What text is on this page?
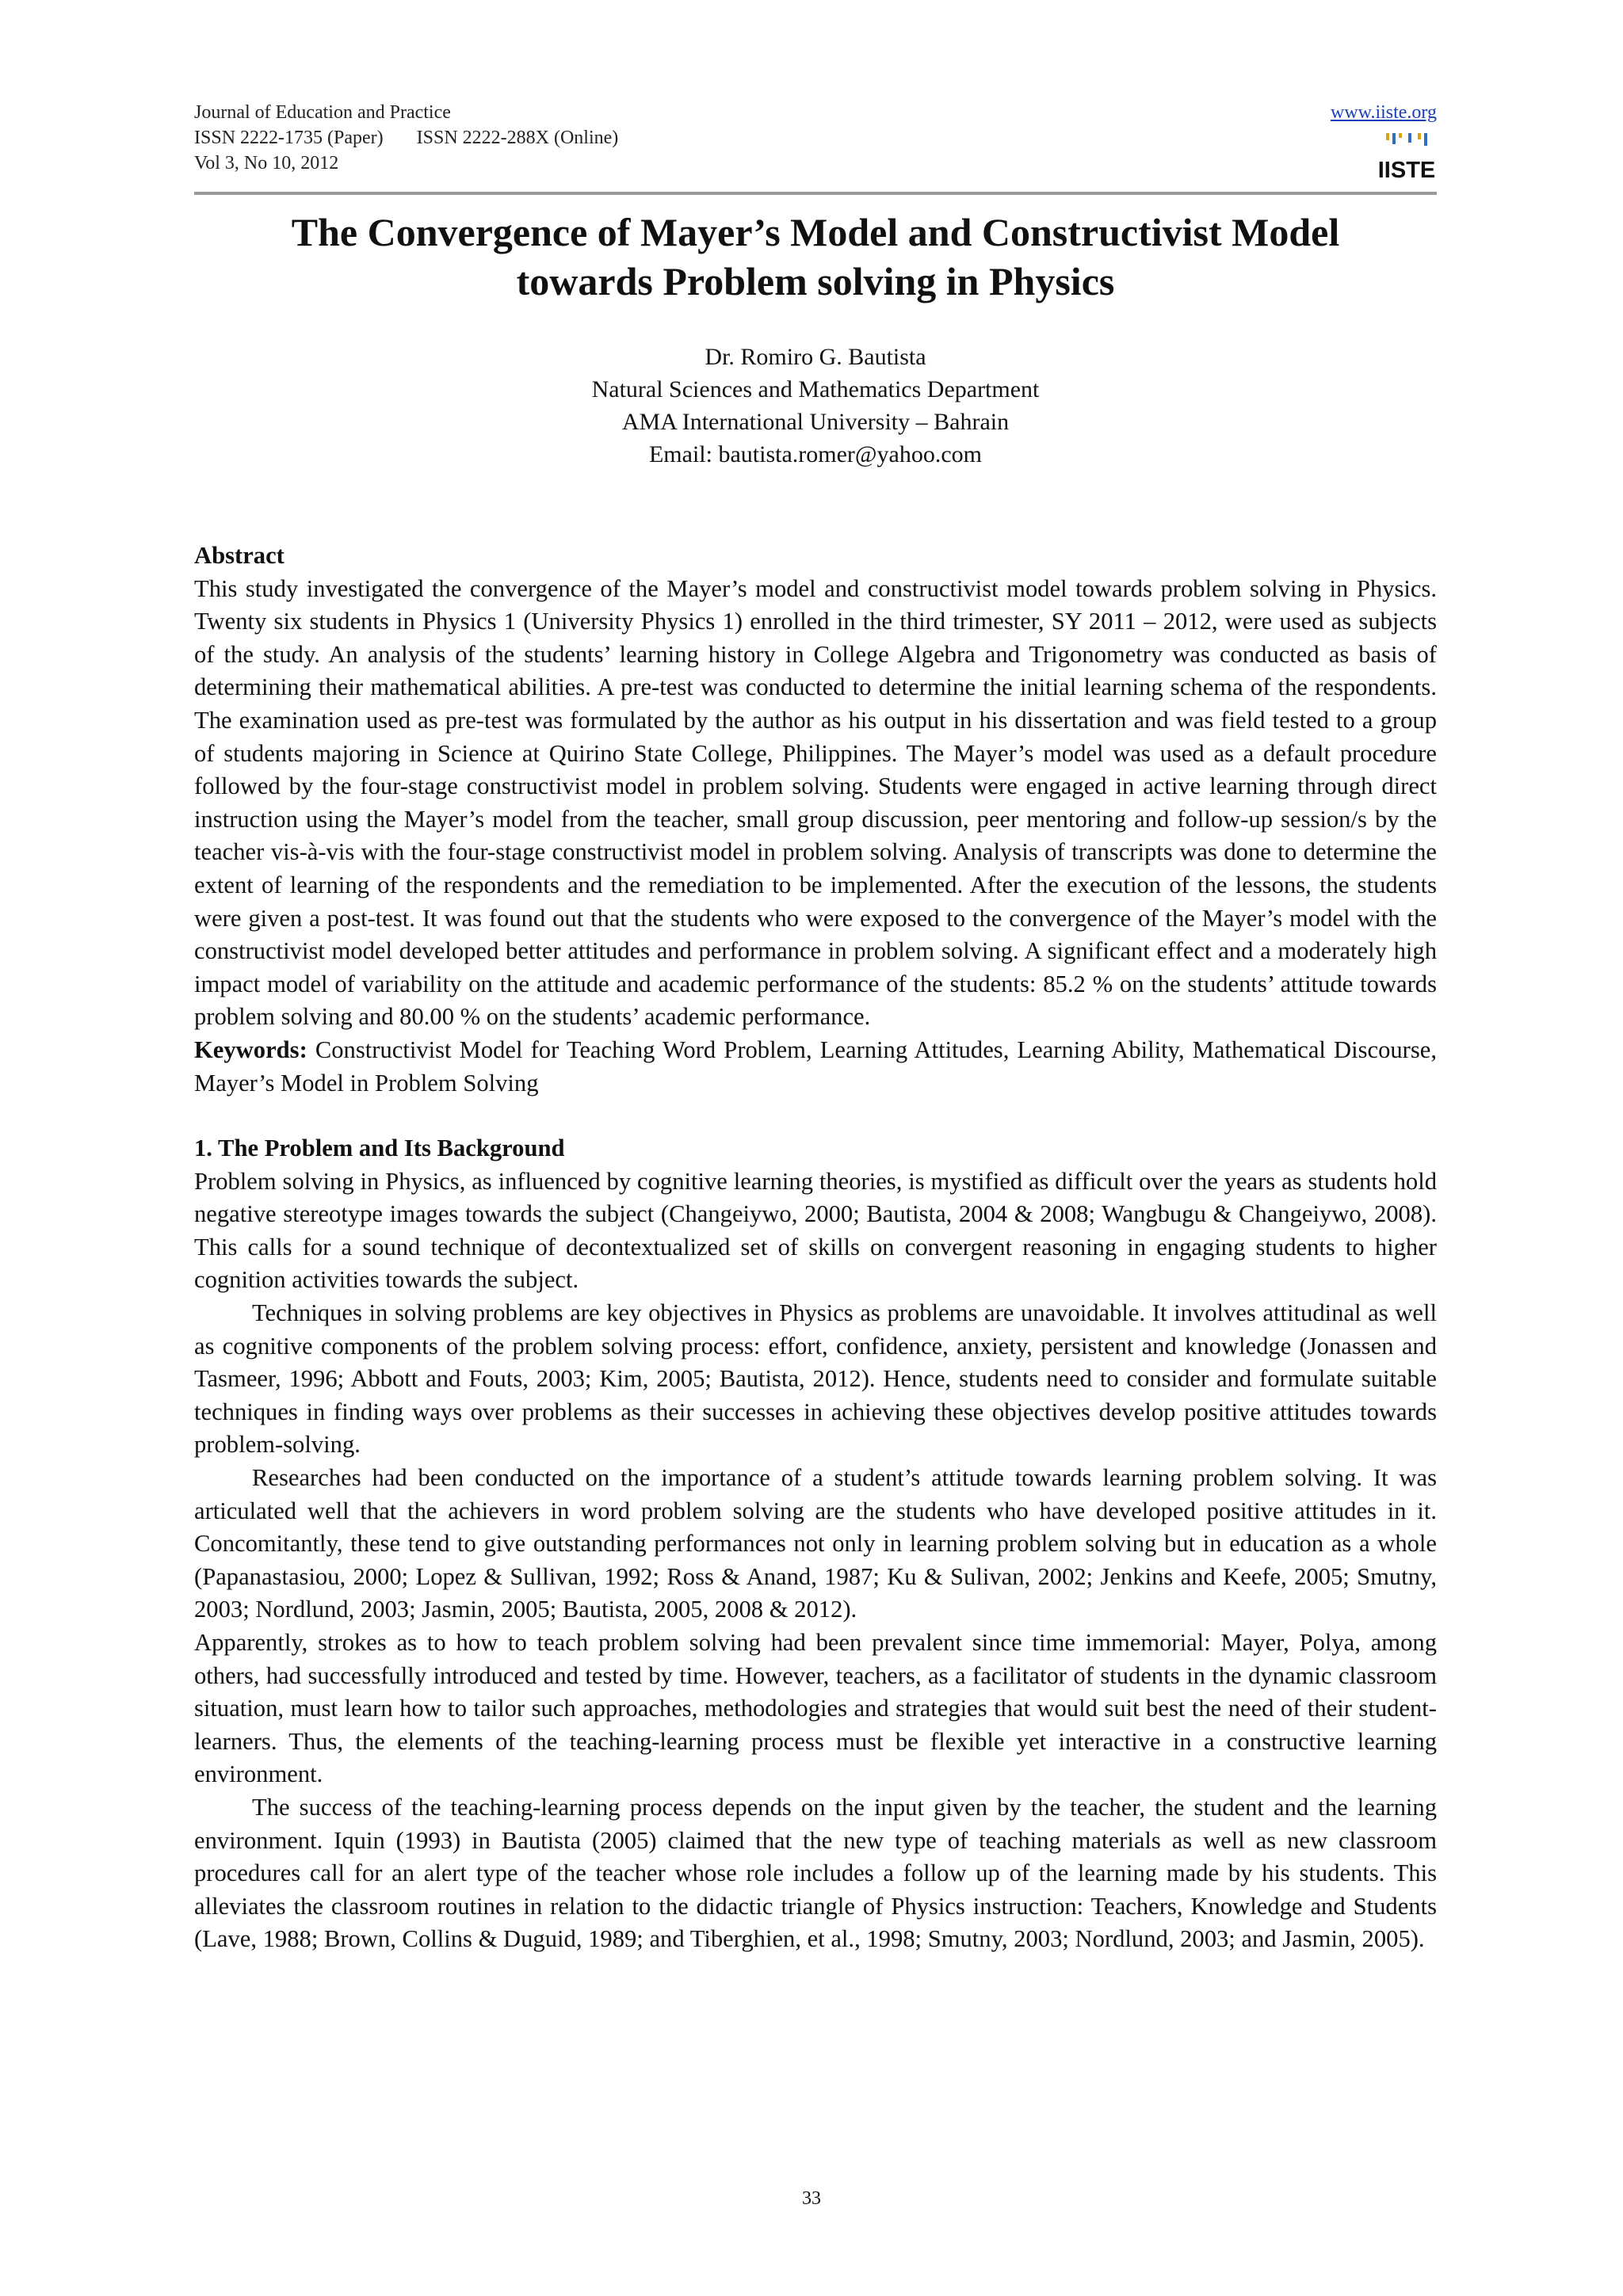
Journal of Education and Practice
ISSN 2222-1735 (Paper) ISSN 2222-288X (Online)
Vol 3, No 10, 2012
www.iiste.org
IISTE
The Convergence of Mayer’s Model and Constructivist Model
towards Problem solving in Physics
Dr. Romiro G. Bautista
Natural Sciences and Mathematics Department
AMA International University – Bahrain
Email: bautista.romer@yahoo.com

Abstract

This study investigated the convergence of the Mayer’s model and constructivist model towards problem solving in Physics. Twenty six students in Physics 1 (University Physics 1) enrolled in the third trimester, SY 2011 – 2012, were used as subjects of the study. An analysis of the students’ learning history in College Algebra and Trigonometry was conducted as basis of determining their mathematical abilities. A pre-test was conducted to determine the initial learning schema of the respondents. The examination used as pre-test was formulated by the author as his output in his dissertation and was field tested to a group of students majoring in Science at Quirino State College, Philippines. The Mayer’s model was used as a default procedure followed by the four-stage constructivist model in problem solving. Students were engaged in active learning through direct instruction using the Mayer’s model from the teacher, small group discussion, peer mentoring and follow-up session/s by the teacher vis-à-vis with the four-stage constructivist model in problem solving. Analysis of transcripts was done to determine the extent of learning of the respondents and the remediation to be implemented. After the execution of the lessons, the students were given a post-test. It was found out that the students who were exposed to the convergence of the Mayer’s model with the constructivist model developed better attitudes and performance in problem solving. A significant effect and a moderately high impact model of variability on the attitude and academic performance of the students: 85.2 % on the students’ attitude towards problem solving and 80.00 % on the students’ academic performance.

Keywords: Constructivist Model for Teaching Word Problem, Learning Attitudes, Learning Ability, Mathematical Discourse, Mayer’s Model in Problem Solving

1. The Problem and Its Background

Problem solving in Physics, as influenced by cognitive learning theories, is mystified as difficult over the years as students hold negative stereotype images towards the subject (Changeiywo, 2000; Bautista, 2004 & 2008; Wangbugu & Changeiywo, 2008). This calls for a sound technique of decontextualized set of skills on convergent reasoning in engaging students to higher cognition activities towards the subject.

Techniques in solving problems are key objectives in Physics as problems are unavoidable. It involves attitudinal as well as cognitive components of the problem solving process: effort, confidence, anxiety, persistent and knowledge (Jonassen and Tasmeer, 1996; Abbott and Fouts, 2003; Kim, 2005; Bautista, 2012). Hence, students need to consider and formulate suitable techniques in finding ways over problems as their successes in achieving these objectives develop positive attitudes towards problem-solving.

Researches had been conducted on the importance of a student’s attitude towards learning problem solving. It was articulated well that the achievers in word problem solving are the students who have developed positive attitudes in it. Concomitantly, these tend to give outstanding performances not only in learning problem solving but in education as a whole (Papanastasiou, 2000; Lopez & Sullivan, 1992; Ross & Anand, 1987; Ku & Sulivan, 2002; Jenkins and Keefe, 2005; Smutny, 2003; Nordlund, 2003; Jasmin, 2005; Bautista, 2005, 2008 & 2012).

Apparently, strokes as to how to teach problem solving had been prevalent since time immemorial: Mayer, Polya, among others, had successfully introduced and tested by time. However, teachers, as a facilitator of students in the dynamic classroom situation, must learn how to tailor such approaches, methodologies and strategies that would suit best the need of their student-learners. Thus, the elements of the teaching-learning process must be flexible yet interactive in a constructive learning environment.

The success of the teaching-learning process depends on the input given by the teacher, the student and the learning environment. Iquin (1993) in Bautista (2005) claimed that the new type of teaching materials as well as new classroom procedures call for an alert type of the teacher whose role includes a follow up of the learning made by his students. This alleviates the classroom routines in relation to the didactic triangle of Physics instruction: Teachers, Knowledge and Students (Lave, 1988; Brown, Collins & Duguid, 1989; and Tiberghien, et al., 1998; Smutny, 2003; Nordlund, 2003; and Jasmin, 2005).

33
